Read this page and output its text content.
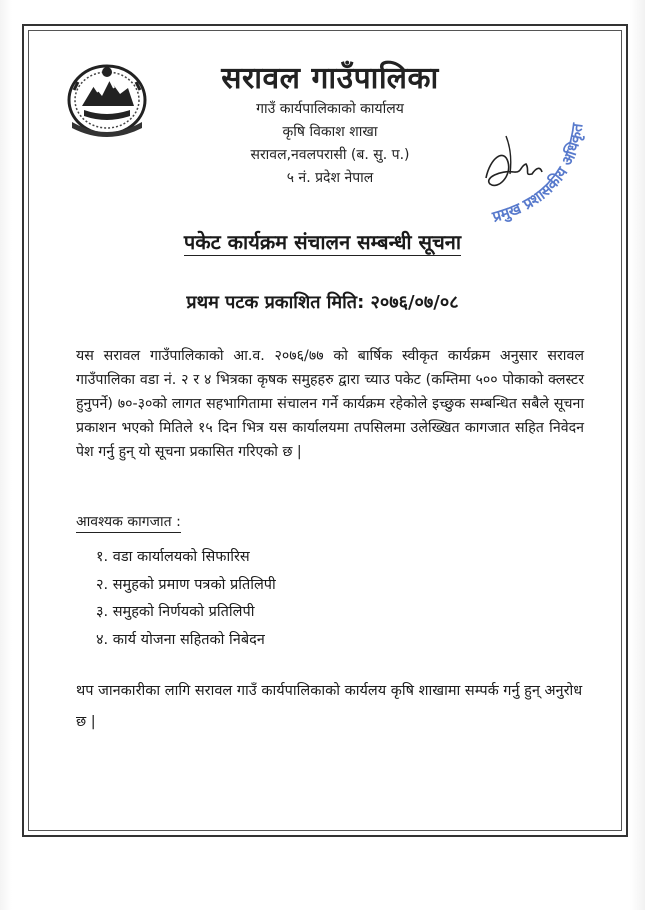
सरावल गाउँपालिका

गाउँ कार्यपालिकाको कार्यालय

कृषि विकाश शाखा

सरावल,नवलपरासी (ब. सु. प.)

५ नं. प्रदेश नेपाल

प्रमुख प्रशासकीय अधिकृत
पकेट कार्यक्रम संचालन सम्बन्धी सूचना
प्रथम पटक प्रकाशित मिति: २०७६/०७/०८

यस सरावल गाउँपालिकाको आ.व. २०७६/७७ को बार्षिक स्वीकृत कार्यक्रम अनुसार सरावल गाउँपालिका वडा नं. २ र ४ भित्रका कृषक समुहहरु द्वारा च्याउ पकेट (कम्तिमा ५०० पोकाको क्लस्टर हुनुपर्ने) ७०-३०को लागत सहभागितामा संचालन गर्ने कार्यक्रम रहेकोले इच्छुक सम्बन्धित सबैले सूचना प्रकाशन भएको मितिले १५ दिन भित्र यस कार्यालयमा तपसिलमा उलेख्खित कागजात सहित निवेदन पेश गर्नु हुन् यो सूचना प्रकासित गरिएको छ |

आवश्यक कागजात :
१. वडा कार्यालयको सिफारिस
२. समुहको प्रमाण पत्रको प्रतिलिपी
३. समुहको निर्णयको प्रतिलिपी
४. कार्य योजना सहितको निबेदन

थप जानकारीका लागि सरावल गाउँ कार्यपालिकाको कार्यलय कृषि शाखामा सम्पर्क गर्नु हुन् अनुरोध छ |
